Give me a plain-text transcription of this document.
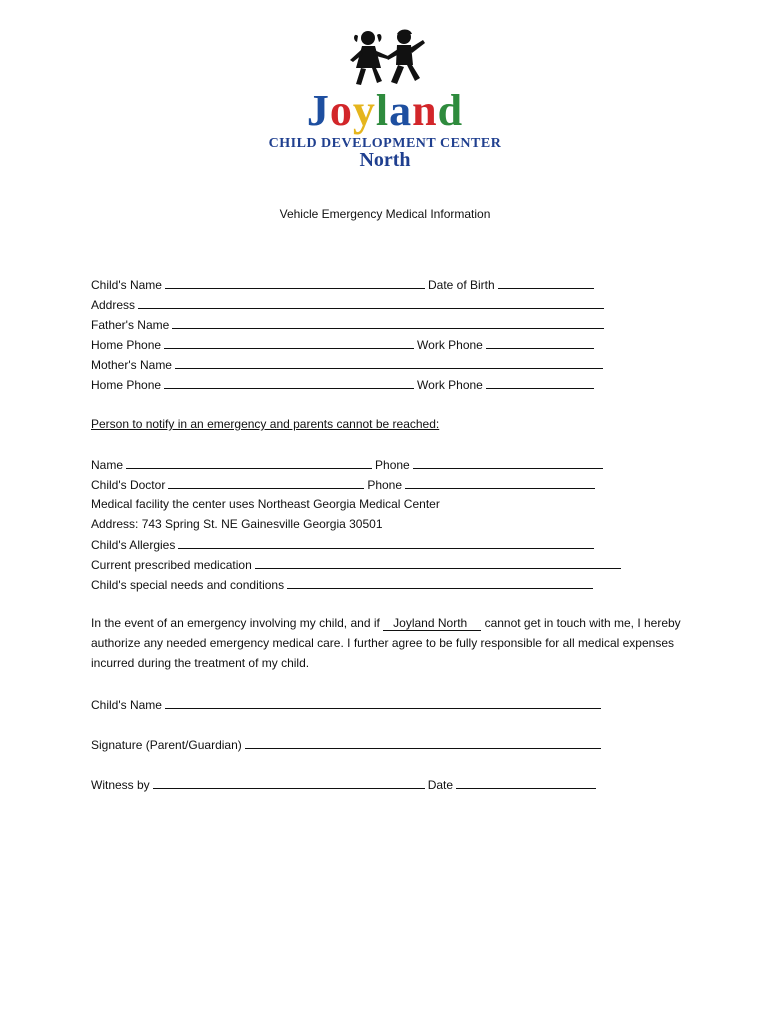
Joyland
CHILD DEVELOPMENT CENTER
North
Vehicle Emergency Medical Information
Child's Name	Date of Birth
Address
Father's Name
Home Phone	Work Phone
Mother's Name
Home Phone	Work Phone
Person to notify in an emergency and parents cannot be reached:
Name	Phone
Child's Doctor	Phone
Medical facility the center uses Northeast Georgia Medical Center
Address: 743 Spring St. NE Gainesville Georgia 30501
Child's Allergies
Current prescribed medication
Child's special needs and conditions
In the event of an emergency involving my child, and if Joyland North cannot get in touch with me, I hereby authorize any needed emergency medical care. I further agree to be fully responsible for all medical expenses incurred during the treatment of my child.
Child's Name
Signature (Parent/Guardian)
Witness by	Date
